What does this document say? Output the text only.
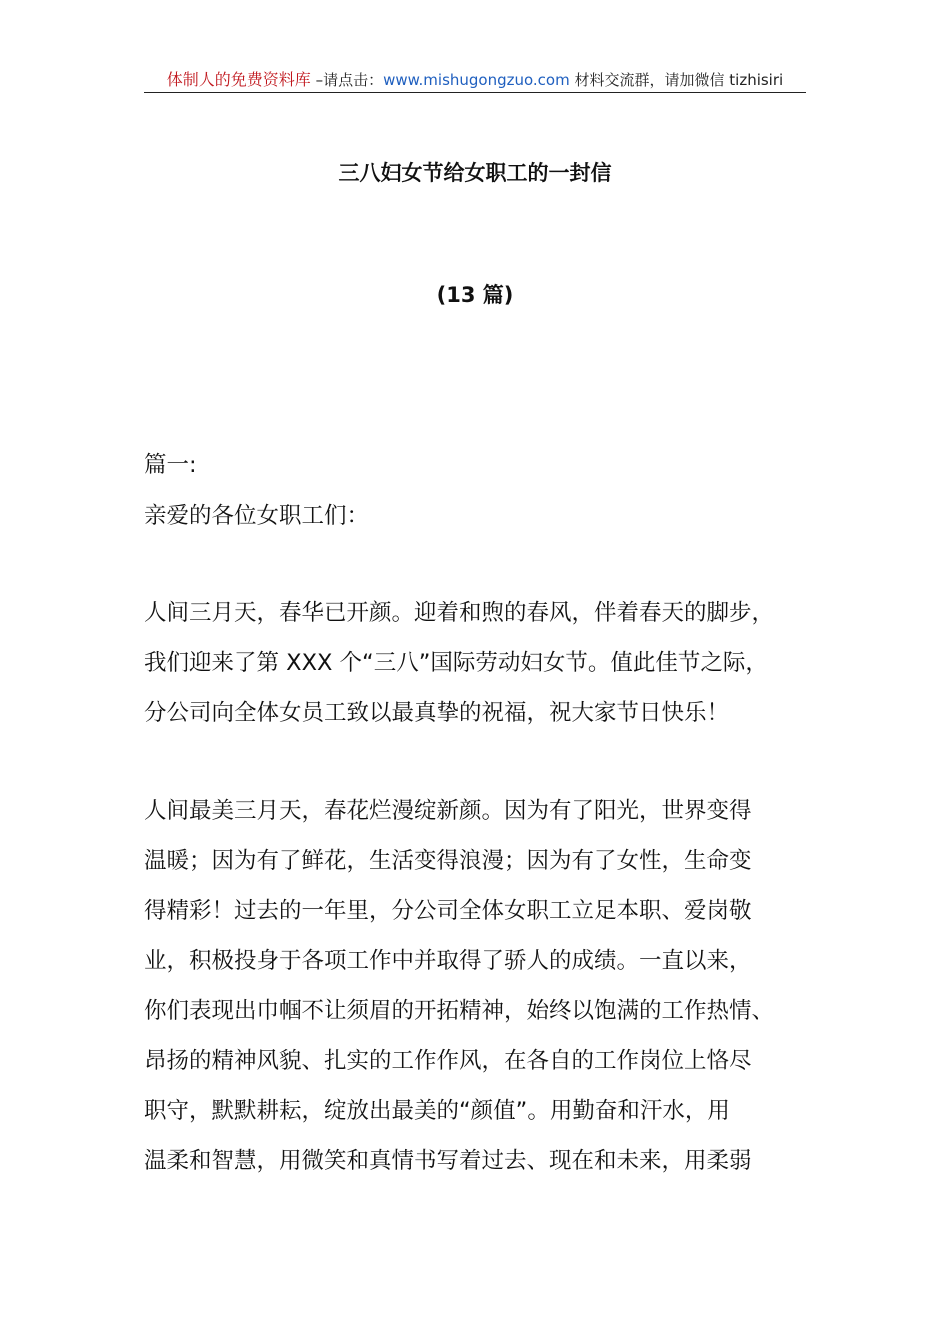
体制人的免费资料库 –请点击：www.mishugongzuo.com 材料交流群，请加微信 tizhisiri
三八妇女节给女职工的一封信
(13 篇)

篇一:

亲爱的各位女职工们：

人间三月天，春华已开颜。迎着和煦的春风，伴着春天的脚步，

我们迎来了第 XXX 个“三八”国际劳动妇女节。值此佳节之际，

分公司向全体女员工致以最真挚的祝福，祝大家节日快乐！

人间最美三月天，春花烂漫绽新颜。因为有了阳光，世界变得

温暖；因为有了鲜花，生活变得浪漫；因为有了女性，生命变

得精彩！过去的一年里，分公司全体女职工立足本职、爱岗敬

业，积极投身于各项工作中并取得了骄人的成绩。一直以来，

你们表现出巾帼不让须眉的开拓精神，始终以饱满的工作热情、

昂扬的精神风貌、扎实的工作作风，在各自的工作岗位上恪尽

职守，默默耕耘，绽放出最美的“颜值”。用勤奋和汗水，用

温柔和智慧，用微笑和真情书写着过去、现在和未来，用柔弱
